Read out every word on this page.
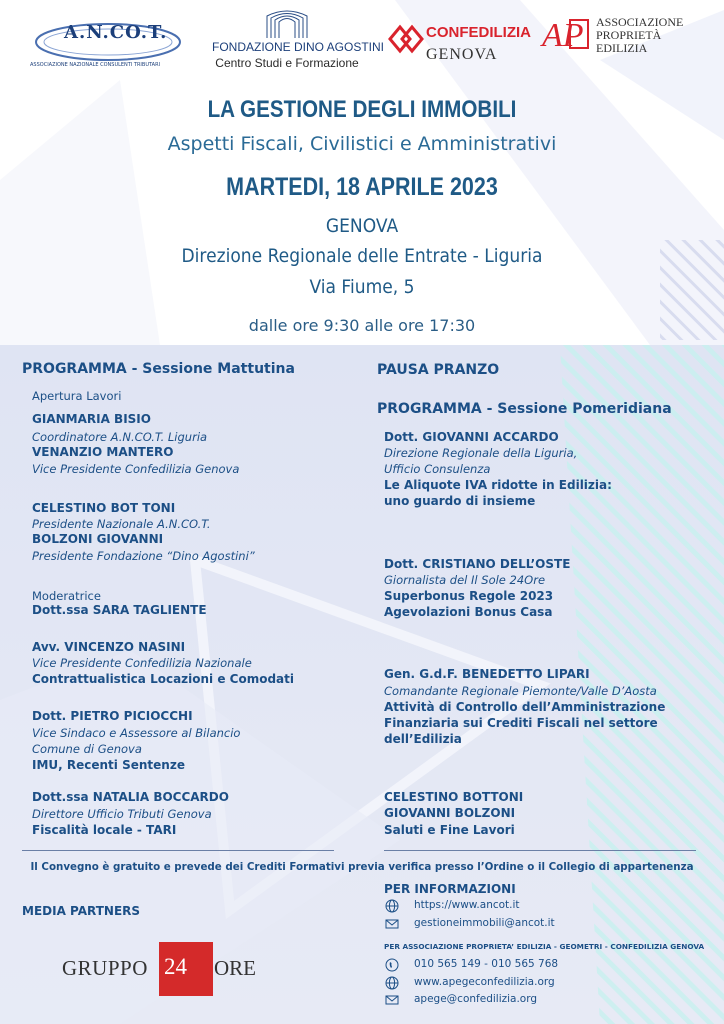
A.N.CO.T.
ASSOCIAZIONE NAZIONALE CONSULENTI TRIBUTARI
FONDAZIONE DINO AGOSTINI
Centro Studi e Formazione
CONFEDILIZIA
GENOVA
AP ASSOCIAZIONE
PROPRIETÀ
EDILIZIA
LA GESTIONE DEGLI IMMOBILI
Aspetti Fiscali, Civilistici e Amministrativi
MARTEDI, 18 APRILE 2023
GENOVA
Direzione Regionale delle Entrate - Liguria
Via Fiume, 5
dalle ore 9:30 alle ore 17:30
PROGRAMMA - Sessione Mattutina
Apertura Lavori
GIANMARIA BISIO
Coordinatore A.N.CO.T. Liguria
VENANZIO MANTERO
Vice Presidente Confedilizia Genova
CELESTINO BOT TONI
Presidente Nazionale A.N.CO.T.
BOLZONI GIOVANNI
Presidente Fondazione “Dino Agostini”
Moderatrice
Dott.ssa SARA TAGLIENTE
Avv. VINCENZO NASINI
Vice Presidente Confedilizia Nazionale
Contrattualistica Locazioni e Comodati
Dott. PIETRO PICIOCCHI
Vice Sindaco e Assessore al Bilancio
Comune di Genova
IMU, Recenti Sentenze
Dott.ssa NATALIA BOCCARDO
Direttore Ufficio Tributi Genova
Fiscalità locale - TARI
PAUSA PRANZO
PROGRAMMA - Sessione Pomeridiana
Dott. GIOVANNI ACCARDO
Direzione Regionale della Liguria,
Ufficio Consulenza
Le Aliquote IVA ridotte in Edilizia:
uno guardo di insieme
Dott. CRISTIANO DELL’OSTE
Giornalista del Il Sole 24Ore
Superbonus Regole 2023
Agevolazioni Bonus Casa
Gen. G.d.F. BENEDETTO LIPARI
Comandante Regionale Piemonte/Valle D’Aosta
Attività di Controllo dell’Amministrazione
Finanziaria sui Crediti Fiscali nel settore
dell’Edilizia
CELESTINO BOTTONI
GIOVANNI BOLZONI
Saluti e Fine Lavori
Il Convegno è gratuito e prevede dei Crediti Formativi previa verifica presso l’Ordine o il Collegio di appartenenza
MEDIA PARTNERS
GRUPPO 24 ORE
PER INFORMAZIONI
https://www.ancot.it
gestioneimmobili@ancot.it
PER ASSOCIAZIONE PROPRIETA’ EDILIZIA - GEOMETRI - CONFEDILIZIA GENOVA
010 565 149 - 010 565 768
www.apegeconfedilizia.org
apege@confedilizia.org
